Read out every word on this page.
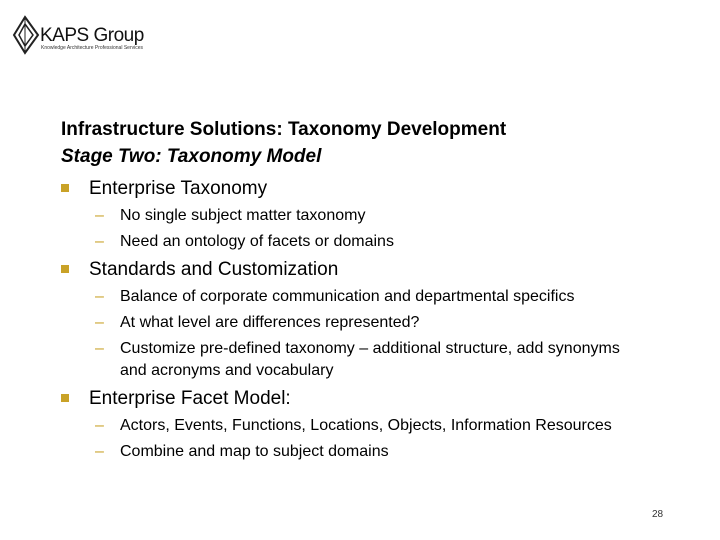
KAPS Group
Knowledge Architecture Professional Services
Infrastructure Solutions: Taxonomy Development
Stage Two: Taxonomy Model
Enterprise Taxonomy
– No single subject matter taxonomy
– Need an ontology of facets or domains
Standards and Customization
– Balance of corporate communication and departmental specifics
– At what level are differences represented?
– Customize pre-defined taxonomy – additional structure, add synonyms and acronyms and vocabulary
Enterprise Facet Model:
– Actors, Events, Functions, Locations, Objects, Information Resources
– Combine and map to subject domains
28
